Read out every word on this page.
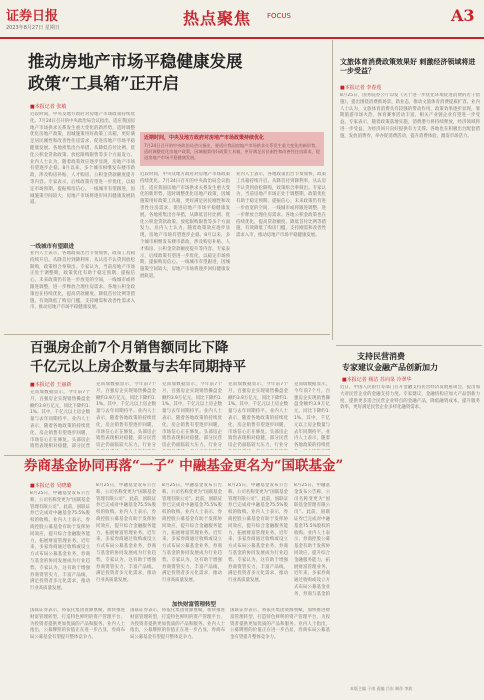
证券日报
2023年8月27日 星期日	热点聚焦 FOCUS	A3
推动房地产市场平稳健康发展
政策“工具箱”正开启
■本报记者 张敏
近段时间，中央及地方政府对房地产市场政策持续优化。7月24日召开的中央政治局会议指出，适应我国房地产市场供求关系发生重大变化的新形势，适时调整优化房地产政策，因城施策用好政策工具箱，更好满足居民刚性和改善性住房需求，促进房地产市场平稳健康发展。各地密集出台举措，从降低首付比例、优化公积金贷款政策、放松限购限售等多个方面发力。业内人士认为，随着政策效应逐步显现，房地产市场有望逐步企稳。8月以来，多个城市相继发布楼市新政，涉及购房补贴、人才购房、公积金贷款额度提升等内容。专家表示，后续政策有望进一步优化，以稳定市场预期，提振购房信心。一线城市有望跟进，因城施策空间较大，房地产市场将逐步回归健康发展轨道。
一线城市有望跟进
业内人士表示，各地政策出台节奏加快，政策工具箱持续开启。从降首付到降利率，从认房不认贷到放松限购，政策组合拳频出。专家认为，当前房地产市场正处于调整期，政策优化有助于稳定预期、提振信心。未来政策仍有进一步放宽的空间，一线城市或将跟进调整，进一步释放合理住房需求。各地公积金政策也在持续优化，提高贷款额度、降低首付比例等措施，有效降低了购房门槛，支持刚需和改善性需求入市，推动房地产市场平稳健康发展。
近段时间，中央及地方政府对房地产市场政策持续优化。7月24日召开的中央政治局会议指出，适应我国房地产市场供求关系发生重大变化的新形势，适时调整优化房地产政策，因城施策用好政策工具箱，更好满足居民刚性和改善性住房需求，促进房地产市场平稳健康发展。各地密集出台举措，从降低首付比例、优化公积金贷款政策、放松限购限售等多个方面发力。业内人士认为，随着政策效应逐步显现，房地产市场有望逐步企稳。8月以来，多个城市相继发布楼市新政，涉及购房补贴、人才购房、公积金贷款额度提升等内容。专家表示，后续政策有望进一步优化，以稳定市场预期，提振购房信心。一线城市有望跟进，因城施策空间较大，房地产市场将逐步回归健康发展轨道。
业内人士表示，各地政策出台节奏加快，政策工具箱持续开启。从降首付到降利率，从认房不认贷到放松限购，政策组合拳频出。专家认为，当前房地产市场正处于调整期，政策优化有助于稳定预期、提振信心。未来政策仍有进一步放宽的空间，一线城市或将跟进调整，进一步释放合理住房需求。各地公积金政策也在持续优化，提高贷款额度、降低首付比例等措施，有效降低了购房门槛，支持刚需和改善性需求入市，推动房地产市场平稳健康发展。
近期时间，中央及地方政府对房地产市场政策持续优化
7月24日召开的中央政治局会议指出，要适应我国房地产市场供求关系发生重大变化的新形势，适时调整优化房地产政策，因城施策用好政策工具箱，更好满足居民刚性和改善性住房需求，促进房地产市场平稳健康发展。
文旅体育消费政策效果好 刺激经济领域将进一步受益？
■本报记者 李春莲
8月25日，国务院办公厅印发《关于进一步优化环境促进消费的若干措施》，提出围绕消费新场景、新业态，推动文旅体育消费提质扩容。业内人士认为，文旅体育消费具有较强的带动作用，政策效果逐步显现，暑期旅游市场火热，体育赛事活动丰富，相关产业链企业有望进一步受益。专家表示，随着政策落地实施，消费潜力将持续释放，经济领域将进一步受益，为经济回升向好提供有力支撑。各地也在积极出台配套措施，发放消费券，举办促消费活动，提升消费体验，激发市场活力。
支持民营消费
专家建议金融产品创新加力
■本报记者 杨洁 苏向杲 冷翠华
近日，中国人民银行等部门召开金融支持民营经济发展座谈会，提出加大对民营企业的金融支持力度。专家建议，金融机构应加大产品创新力度，提供更多适合民营企业特点的金融产品，降低融资成本，提升服务效率，更好满足民营企业多样化融资需求。
百强房企前7个月销售额同比下降
千亿元以上房企数量与去年同期持平
■本报记者 王丽新
克而瑞数据显示，今年前7个月，百强房企实现销售操盘金额约3.9万亿元，同比下降约1.1%。其中，千亿元以上房企数量与去年同期持平。业内人士表示，随着各地政策的持续优化，房企销售有望逐步回暖，市场信心正在修复。头部房企销售表现相对稳健，部分民营
克而瑞数据显示，今年前7个月，百强房企实现销售操盘金额约3.9万亿元，同比下降约1.1%。其中，千亿元以上房企数量与去年同期持平。业内人士表示，随着各地政策的持续优化，房企销售有望逐步回暖，市场信心正在修复。头部房企销售表现相对稳健，部分民营房企仍面临较大压力，行业分
克而瑞数据显示，今年前7个月，百强房企实现销售操盘金额约3.9万亿元，同比下降约1.1%。其中，千亿元以上房企数量与去年同期持平。业内人士表示，随着各地政策的持续优化，房企销售有望逐步回暖，市场信心正在修复。头部房企销售表现相对稳健，部分民营房企仍面临较大压力，行业分
克而瑞数据显示，今年前7个月，百强房企实现销售操盘金额约3.9万亿元，同比下降约1.1%。其中，千亿元以上房企数量与去年同期持平。业内人士表示，随着各地政策的持续优化，房企销售有望逐步回暖，市场信心正在修复。头部房企销售表现相对稳健，部分民营房企仍面临较大压力，行业分
克而瑞数据显示，今年前7个月，百强房企实现销售操盘金额约3.9万亿元，同比下降约1.1%。其中，千亿元以上房企数量与去年同期持平。业内人士表示，随着各地政策的持续优
券商基金协同再落“一子” 中融基金更名为“国联基金”
■本报记者 吴晓璐
8月25日，中融基金发布公告称，公司名称变更为“国联基金管理有限公司”。此前，国联证券已完成对中融基金75.5%股权的收购。业内人士表示，券商控股公募基金有助于发挥协同效应，提升综合金融服务能力，拓展财富管理业务。近年来，多家券商通过收购或设立方式布局公募基金业务，券商与基金的协同发展成为行业趋势。专家认为，这有助于增强券商资管实力，丰富产品线，满足投资者多元化需求，推动行业高质量发展。
8月25日，中融基金发布公告称，公司名称变更为“国联基金管理有限公司”。此前，国联证券已完成对中融基金75.5%股权的收购。业内人士表示，券商控股公募基金有助于发挥协同效应，提升综合金融服务能力，拓展财富管理业务。近年来，多家券商通过收购或设立方式布局公募基金业务，券商与基金的协同发展成为行业趋势。专家认为，这有助于增强券商资管实力，丰富产品线，满足投资者多元化需求，推动行业高质量发展。
8月25日，中融基金发布公告称，公司名称变更为“国联基金管理有限公司”。此前，国联证券已完成对中融基金75.5%股权的收购。业内人士表示，券商控股公募基金有助于发挥协同效应，提升综合金融服务能力，拓展财富管理业务。近年来，多家券商通过收购或设立方式布局公募基金业务，券商与基金的协同发展成为行业趋势。专家认为，这有助于增强券商资管实力，丰富产品线，满足投资者多元化需求，推动行业高质量发展。
8月25日，中融基金发布公告称，公司名称变更为“国联基金管理有限公司”。此前，国联证券已完成对中融基金75.5%股权的收购。业内人士表示，券商控股公募基金有助于发挥协同效应，提升综合金融服务能力，拓展财富管理业务。近年来，多家券商通过收购或设立方式布局公募基金业务，券商与基金的协同发展成为行业趋势。专家认为，这有助于增强券商资管实力，丰富产品线，满足投资者多元化需求，推动行业高质量发展。
8月25日，中融基金发布公告称，公司名称变更为“国联基金管理有限公司”。此前，国联证券已完成对中融基金75.5%股权的收购。业内人士表示，券商控股公募基金有助于发挥协同效应，提升综合金融服务能力，拓展财富管理业务。近年来，多家券商通过收购或设立方式布局公募基金业务，券商与基金的
加快财富管理转型
国联证券表示，将依托集团资源禀赋，加快推进财富管理转型，打造特色鲜明的资产管理平台，为投资者提供更加优质的产品和服务。业内人士指出，公募牌照的价值正在进一步凸显，券商布局公募基金有望提升整体竞争力。
国联证券表示，将依托集团资源禀赋，加快推进财富管理转型，打造特色鲜明的资产管理平台，为投资者提供更加优质的产品和服务。业内人士指出，公募牌照的价值正在进一步凸显，券商布局公募基金有望提升整体竞争力。
国联证券表示，将依托集团资源禀赋，加快推进财富管理转型，打造特色鲜明的资产管理平台，为投资者提供更加优质的产品和服务。业内人士指出，公募牌照的价值正在进一步凸显，券商布局公募基金有望提升整体竞争力。
本版主编 于南 责编 吕东 制作 李波
